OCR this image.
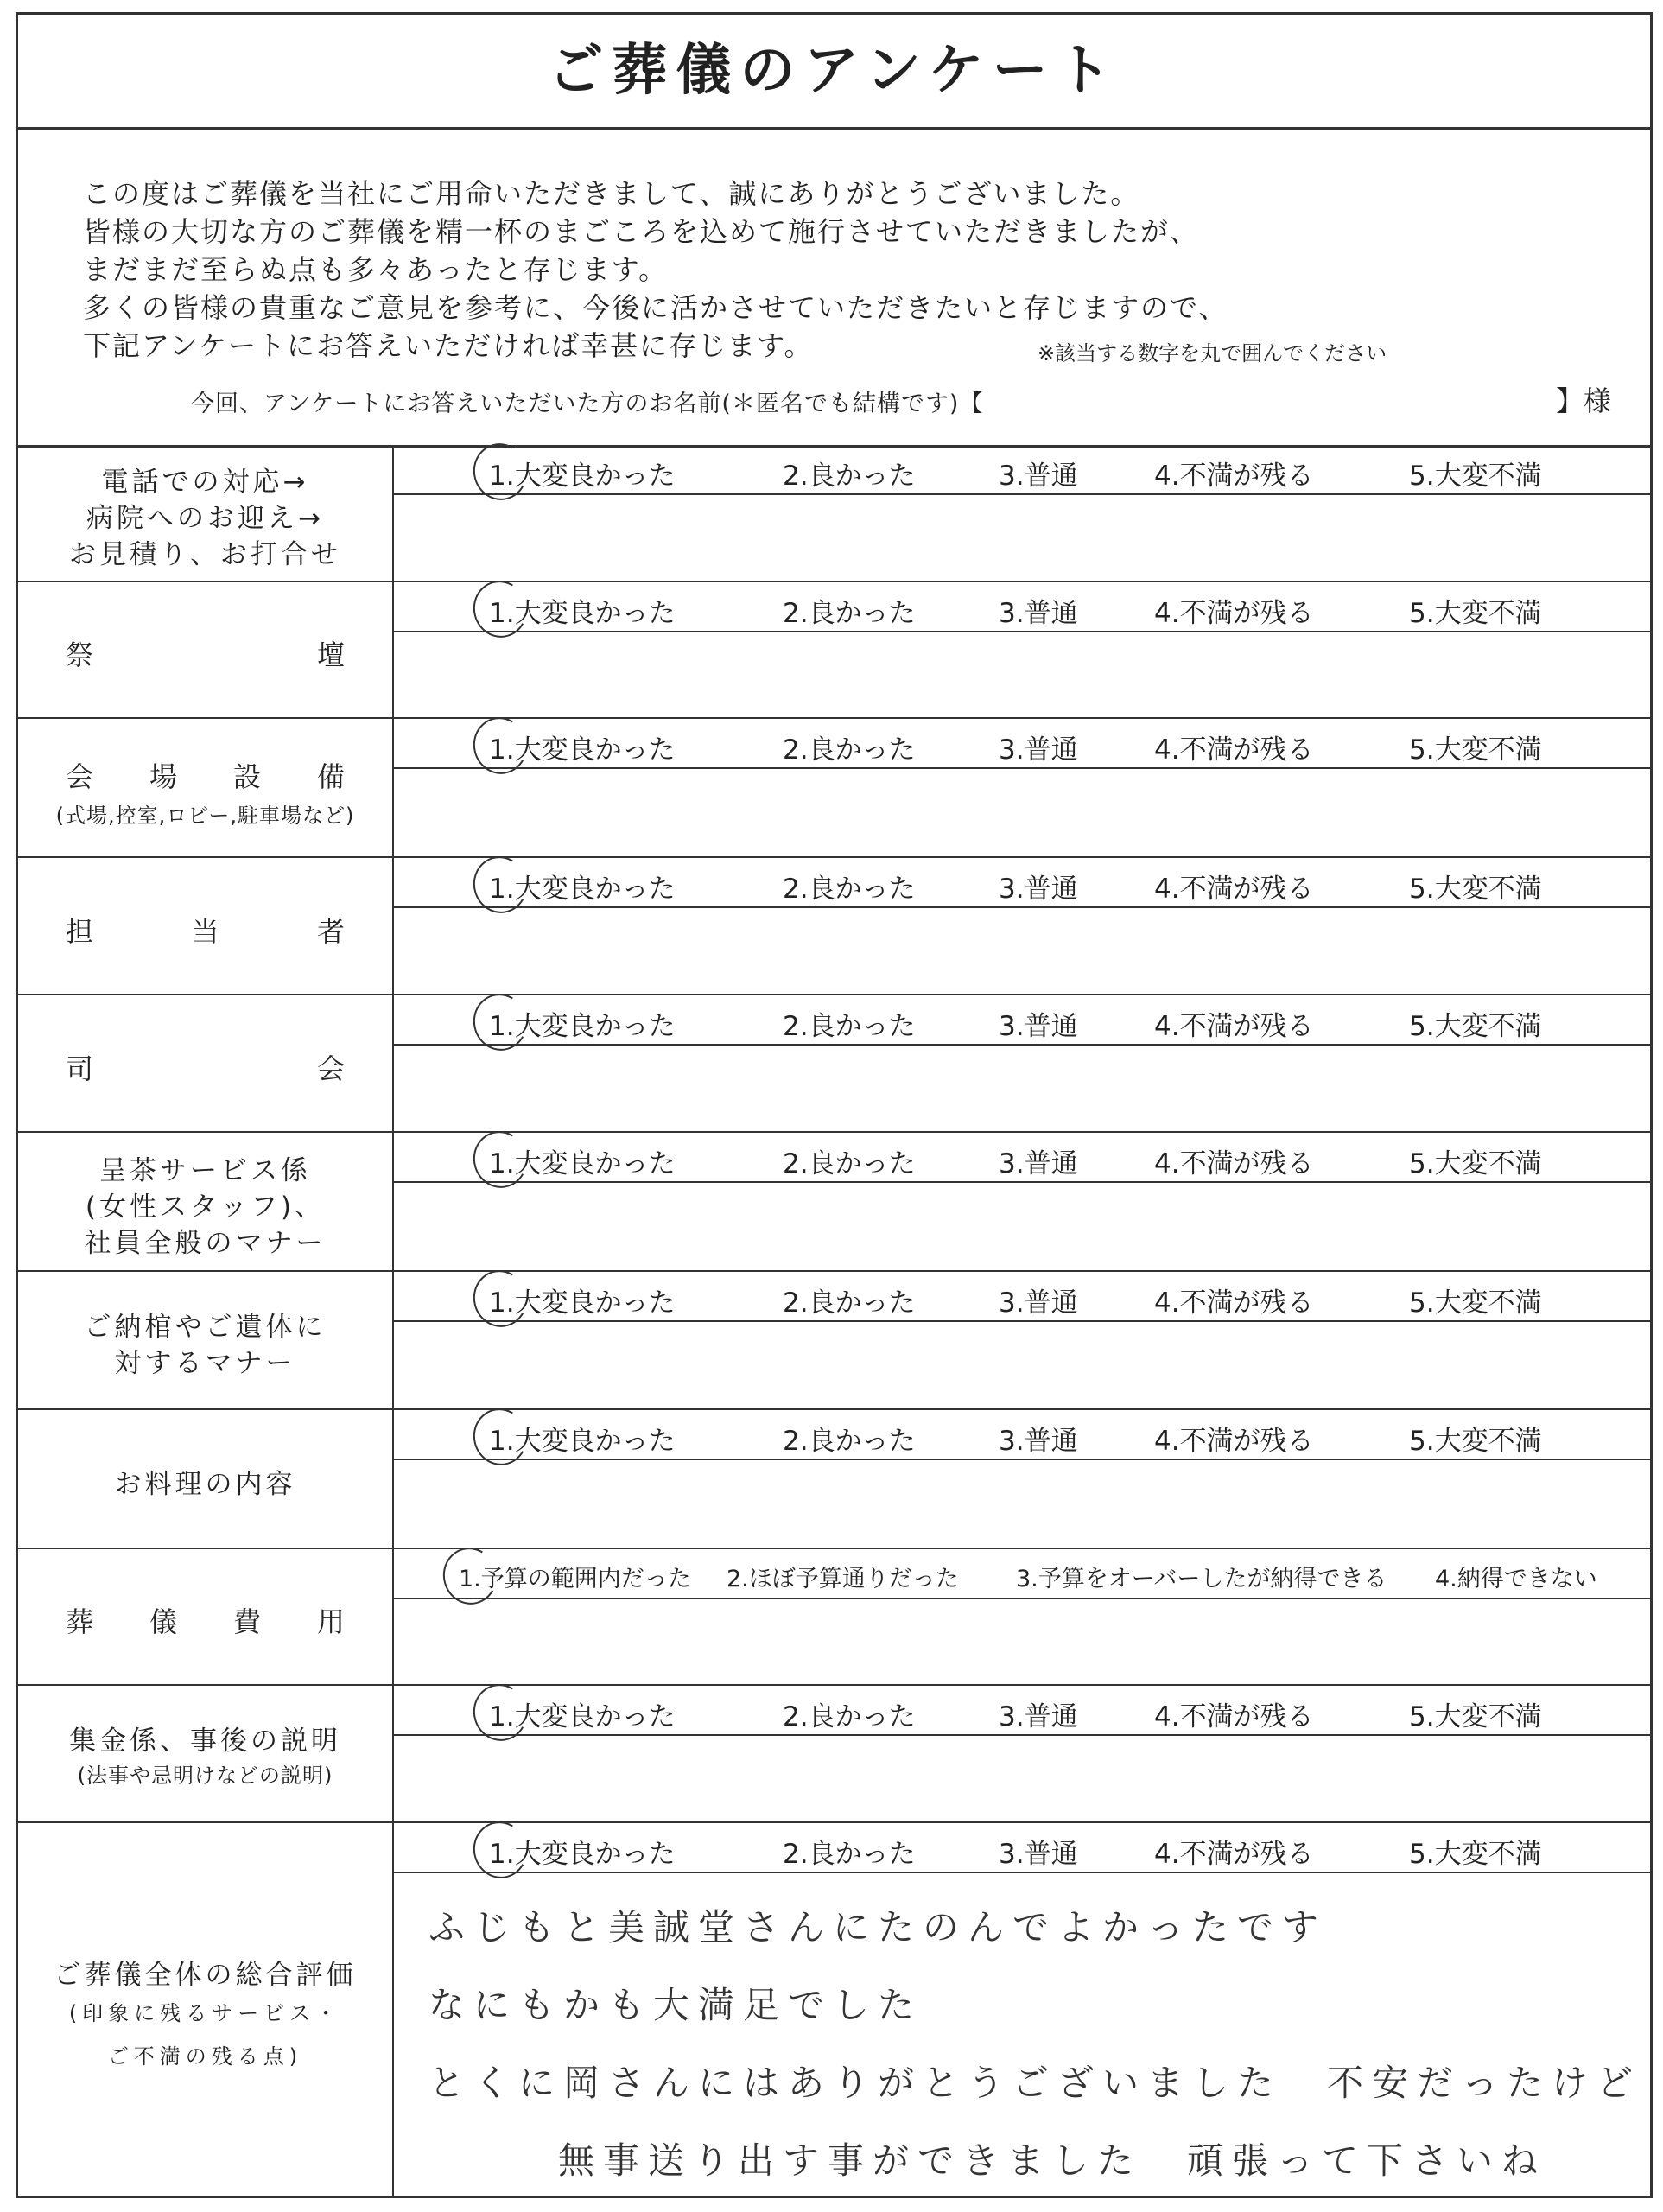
ご葬儀のアンケート
この度はご葬儀を当社にご用命いただきまして、誠にありがとうございました。
皆様の大切な方のご葬儀を精一杯のまごころを込めて施行させていただきましたが、
まだまだ至らぬ点も多々あったと存じます。
多くの皆様の貴重なご意見を参考に、今後に活かさせていただきたいと存じますので、
下記アンケートにお答えいただければ幸甚に存じます。	※該当する数字を丸で囲んでください
今回、アンケートにお答えいただいた方のお名前(＊匿名でも結構です)【	】様
電話での対応→
病院へのお迎え→
お見積り、お打合せ
1.大変良かった	2.良かった	3.普通	4.不満が残る	5.大変不満
祭	壇
1.大変良かった	2.良かった	3.普通	4.不満が残る	5.大変不満
会 場 設 備
(式場,控室,ロビー,駐車場など)
1.大変良かった	2.良かった	3.普通	4.不満が残る	5.大変不満
担	当	者
1.大変良かった	2.良かった	3.普通	4.不満が残る	5.大変不満
司	会
1.大変良かった	2.良かった	3.普通	4.不満が残る	5.大変不満
呈茶サービス係
(女性スタッフ)、
社員全般のマナー
1.大変良かった	2.良かった	3.普通	4.不満が残る	5.大変不満
ご納棺やご遺体に
対するマナー
1.大変良かった	2.良かった	3.普通	4.不満が残る	5.大変不満
お料理の内容
1.大変良かった	2.良かった	3.普通	4.不満が残る	5.大変不満
葬 儀 費 用
1.予算の範囲内だった 2.ほぼ予算通りだった 3.予算をオーバーしたが納得できる 4.納得できない
集金係、事後の説明
(法事や忌明けなどの説明)
1.大変良かった	2.良かった	3.普通	4.不満が残る	5.大変不満
ご葬儀全体の総合評価
(印象に残るサービス・
ご不満の残る点)
1.大変良かった	2.良かった	3.普通	4.不満が残る	5.大変不満
ふじもと美誠堂さんにたのんでよかったです
なにもかも大満足でした
とくに岡さんにはありがとうございました　不安だったけど
無事送り出す事ができました　頑張って下さいね
